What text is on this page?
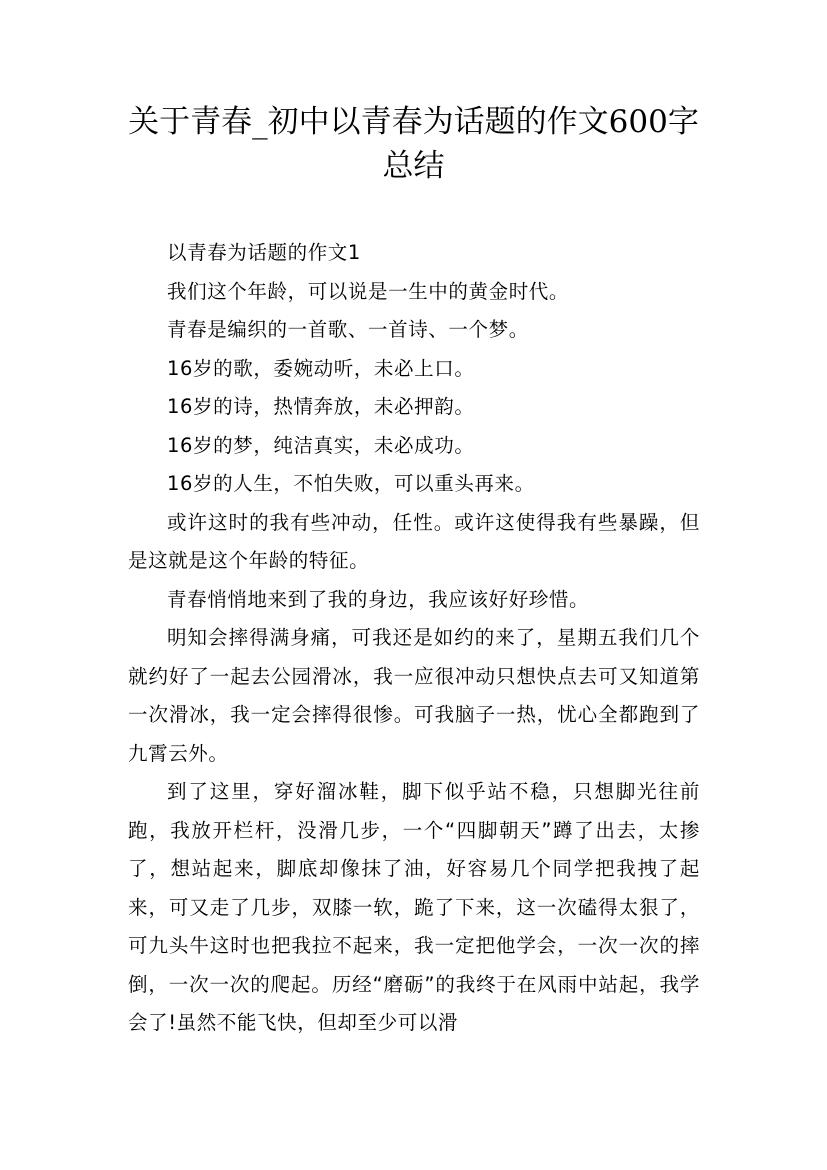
关于青春_初中以青春为话题的作文600字
总结

以青春为话题的作文1

我们这个年龄，可以说是一生中的黄金时代。

青春是编织的一首歌、一首诗、一个梦。

16岁的歌，委婉动听，未必上口。

16岁的诗，热情奔放，未必押韵。

16岁的梦，纯洁真实，未必成功。

16岁的人生，不怕失败，可以重头再来。

或许这时的我有些冲动，任性。或许这使得我有些暴躁，但是这就是这个年龄的特征。

青春悄悄地来到了我的身边，我应该好好珍惜。

明知会摔得满身痛，可我还是如约的来了，星期五我们几个就约好了一起去公园滑冰，我一应很冲动只想快点去可又知道第一次滑冰，我一定会摔得很惨。可我脑子一热，忧心全都跑到了九霄云外。

到了这里，穿好溜冰鞋，脚下似乎站不稳，只想脚光往前跑，我放开栏杆，没滑几步，一个“四脚朝天”蹲了出去，太掺了，想站起来，脚底却像抹了油，好容易几个同学把我拽了起来，可又走了几步，双膝一软，跪了下来，这一次磕得太狠了，可九头牛这时也把我拉不起来，我一定把他学会，一次一次的摔倒，一次一次的爬起。历经“磨砺”的我终于在风雨中站起，我学会了!虽然不能飞快，但却至少可以滑
